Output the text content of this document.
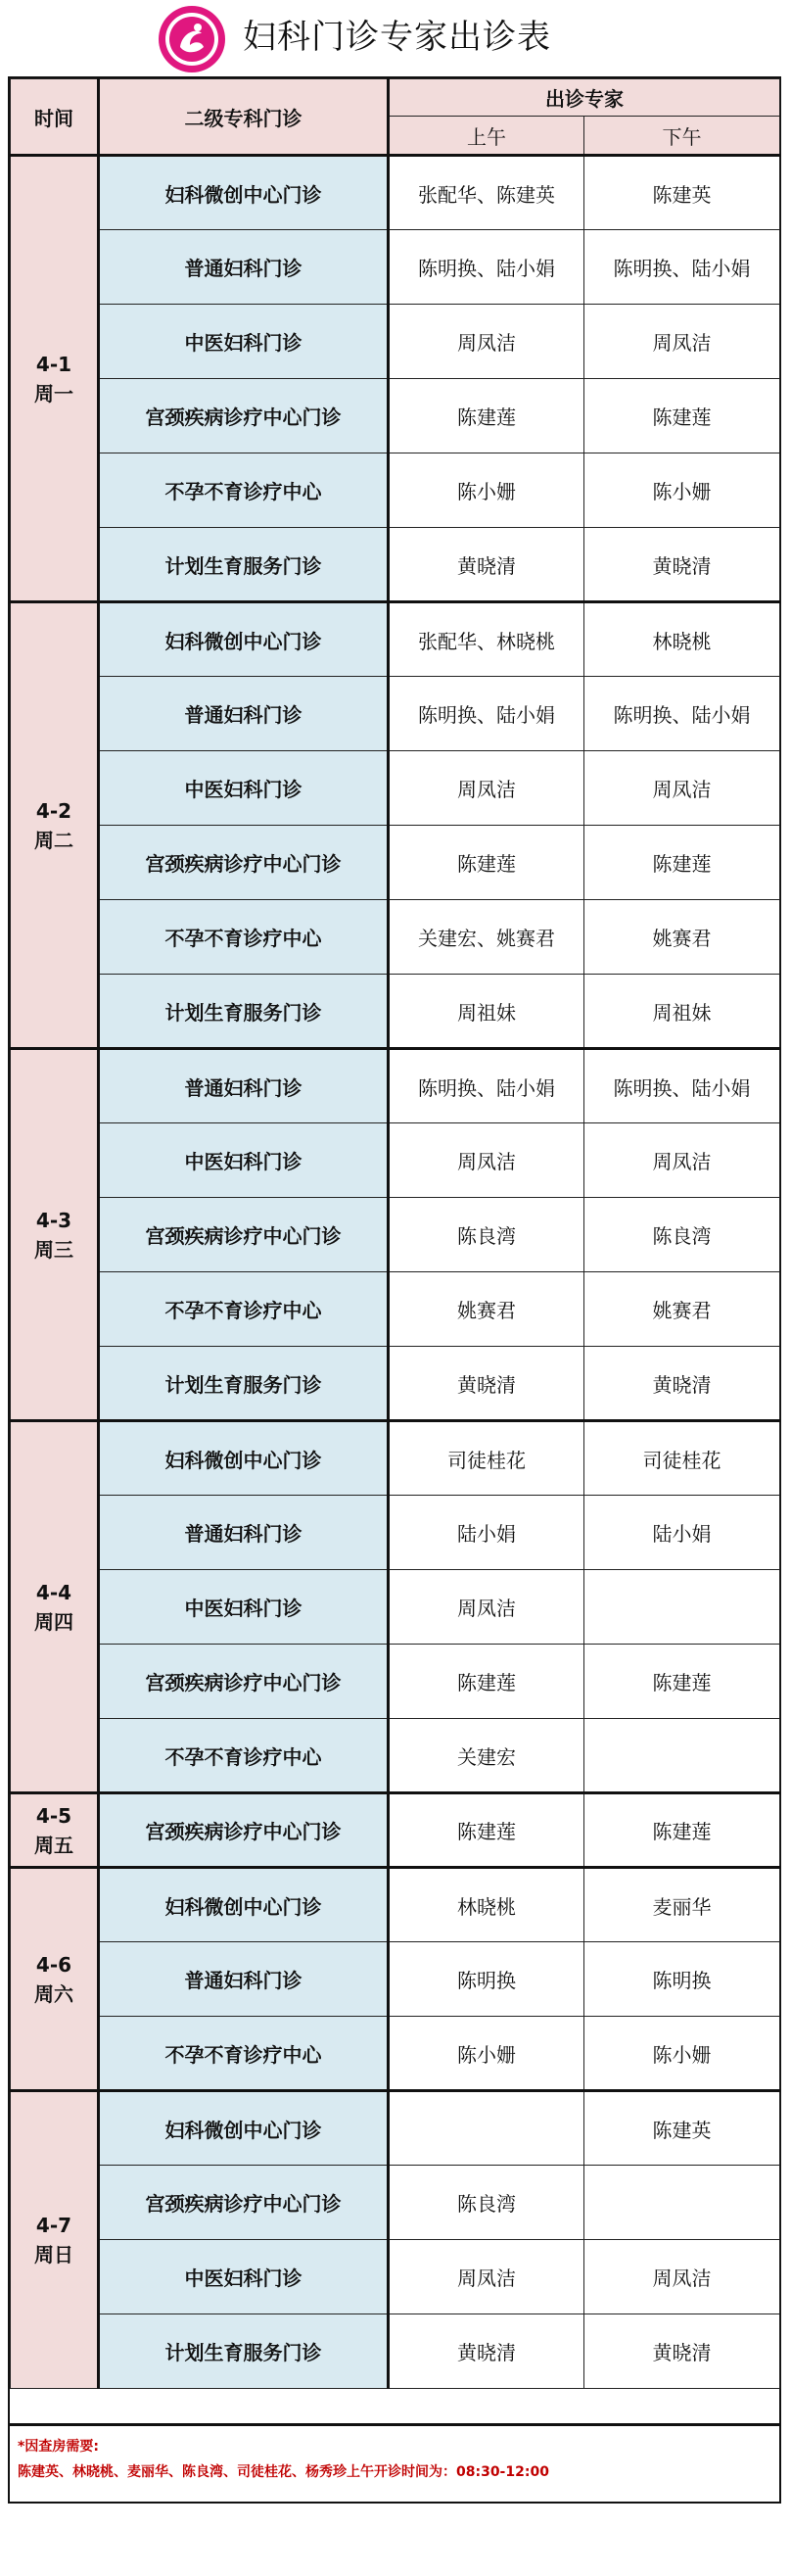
妇科门诊专家出诊表
时间	二级专科门诊	出诊专家	
		上午	下午

4-1
周一	妇科微创中心门诊	张配华、陈建英	陈建英
	普通妇科门诊	陈明换、陆小娟	陈明换、陆小娟
	中医妇科门诊	周凤洁	周凤洁
	宫颈疾病诊疗中心门诊	陈建莲	陈建莲
	不孕不育诊疗中心	陈小姗	陈小姗
	计划生育服务门诊	黄晓清	黄晓清

4-2
周二	妇科微创中心门诊	张配华、林晓桃	林晓桃
	普通妇科门诊	陈明换、陆小娟	陈明换、陆小娟
	中医妇科门诊	周凤洁	周凤洁
	宫颈疾病诊疗中心门诊	陈建莲	陈建莲
	不孕不育诊疗中心	关建宏、姚赛君	姚赛君
	计划生育服务门诊	周祖妹	周祖妹

4-3
周三	普通妇科门诊	陈明换、陆小娟	陈明换、陆小娟
	中医妇科门诊	周凤洁	周凤洁
	宫颈疾病诊疗中心门诊	陈良湾	陈良湾
	不孕不育诊疗中心	姚赛君	姚赛君
	计划生育服务门诊	黄晓清	黄晓清

4-4
周四	妇科微创中心门诊	司徒桂花	司徒桂花
	普通妇科门诊	陆小娟	陆小娟
	中医妇科门诊	周凤洁	
	宫颈疾病诊疗中心门诊	陈建莲	陈建莲
	不孕不育诊疗中心	关建宏	

4-5
周五	宫颈疾病诊疗中心门诊	陈建莲	陈建莲

4-6
周六	妇科微创中心门诊	林晓桃	麦丽华
	普通妇科门诊	陈明换	陈明换
	不孕不育诊疗中心	陈小姗	陈小姗

4-7
周日	妇科微创中心门诊		陈建英
	宫颈疾病诊疗中心门诊	陈良湾	
	中医妇科门诊	周凤洁	周凤洁
	计划生育服务门诊	黄晓清	黄晓清
*因查房需要:
陈建英、林晓桃、麦丽华、陈良湾、司徒桂花、杨秀珍上午开诊时间为：08:30-12:00
